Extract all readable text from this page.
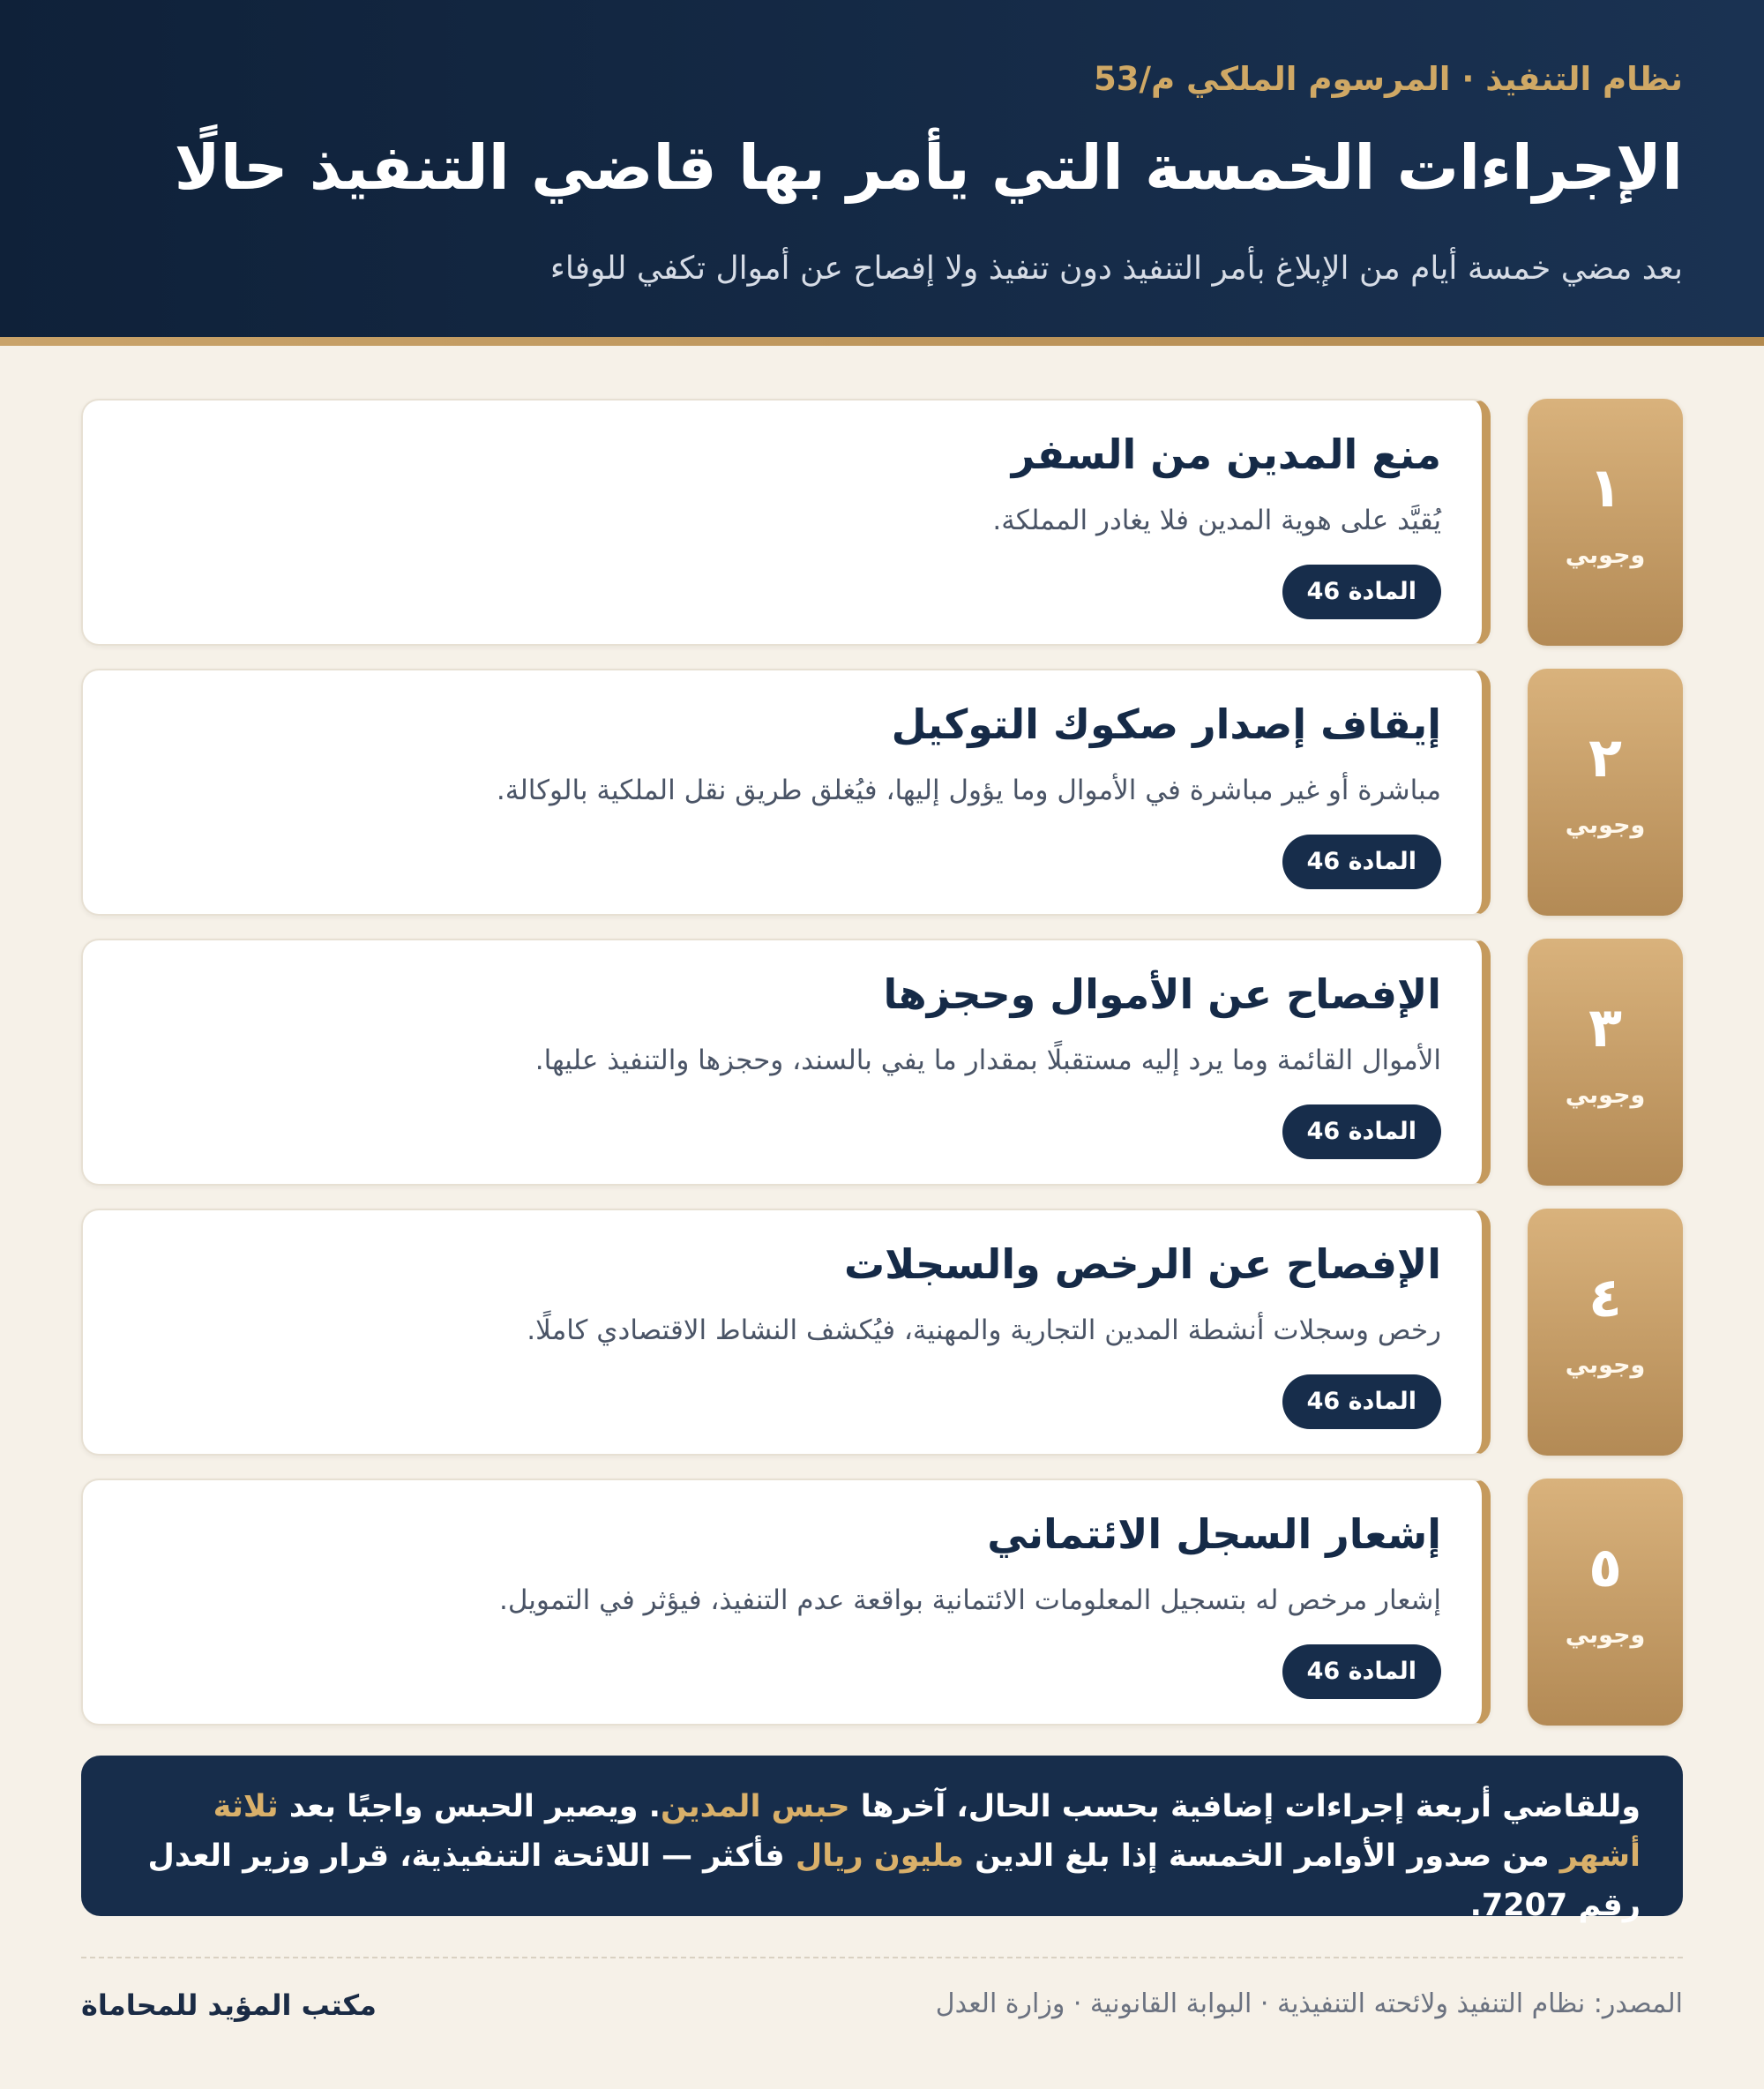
نظام التنفيذ · المرسوم الملكي م/53
الإجراءات الخمسة التي يأمر بها قاضي التنفيذ حالًا
بعد مضي خمسة أيام من الإبلاغ بأمر التنفيذ دون تنفيذ ولا إفصاح عن أموال تكفي للوفاء
١
وجوبي
منع المدين من السفر
يُقيَّد على هوية المدين فلا يغادر المملكة.
المادة 46
٢
وجوبي
إيقاف إصدار صكوك التوكيل
مباشرة أو غير مباشرة في الأموال وما يؤول إليها، فيُغلق طريق نقل الملكية بالوكالة.
المادة 46
٣
وجوبي
الإفصاح عن الأموال وحجزها
الأموال القائمة وما يرد إليه مستقبلًا بمقدار ما يفي بالسند، وحجزها والتنفيذ عليها.
المادة 46
٤
وجوبي
الإفصاح عن الرخص والسجلات
رخص وسجلات أنشطة المدين التجارية والمهنية، فيُكشف النشاط الاقتصادي كاملًا.
المادة 46
٥
وجوبي
إشعار السجل الائتماني
إشعار مرخص له بتسجيل المعلومات الائتمانية بواقعة عدم التنفيذ، فيؤثر في التمويل.
المادة 46
وللقاضي أربعة إجراءات إضافية بحسب الحال، آخرها حبس المدين. ويصير الحبس واجبًا بعد ثلاثة أشهر من صدور الأوامر الخمسة إذا بلغ الدين مليون ريال فأكثر — اللائحة التنفيذية، قرار وزير العدل رقم 7207.
المصدر: نظام التنفيذ ولائحته التنفيذية · البوابة القانونية · وزارة العدل
مكتب المؤيد للمحاماة
